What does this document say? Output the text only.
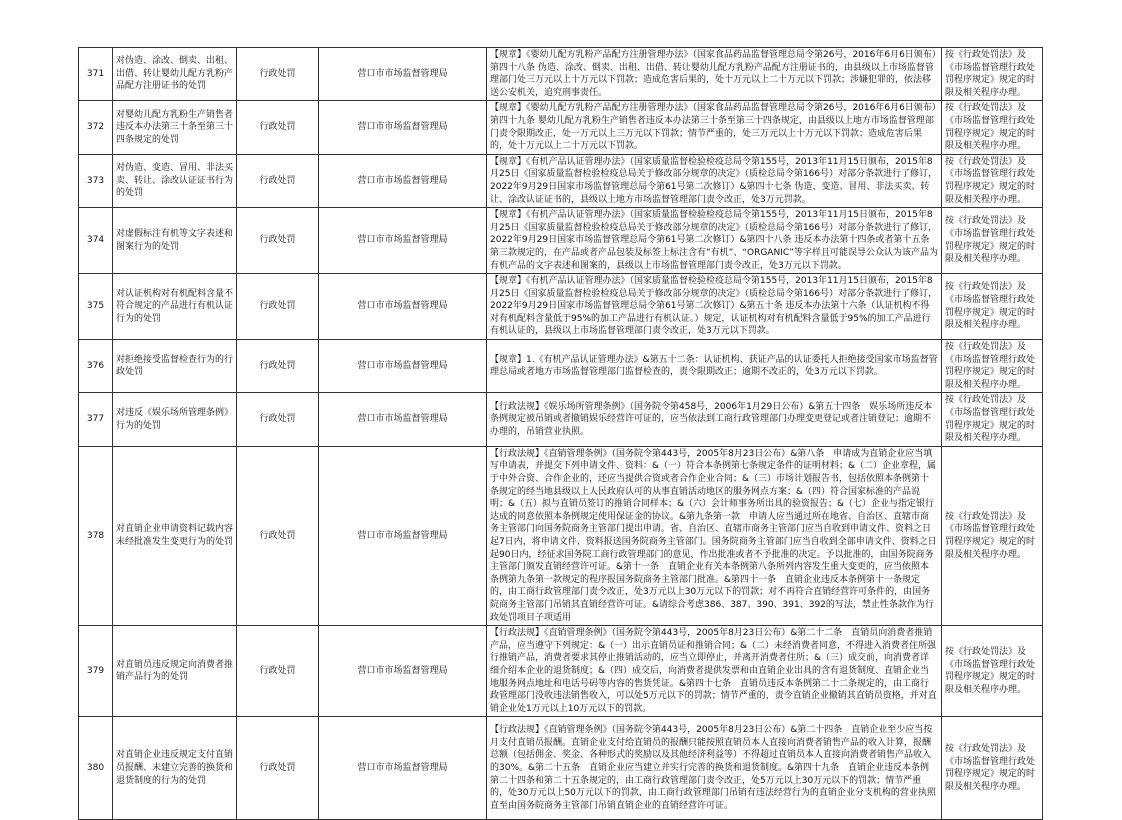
371	对伪造、涂改、倒卖、出租、出借、转让婴幼儿配方乳粉产品配方注册证书的处罚	行政处罚	营口市市场监督管理局	【规章】《婴幼儿配方乳粉产品配方注册管理办法》（国家食品药品监督管理总局令第26号，2016年6月6日颁布）第四十八条 伪造、涂改、倒卖、出租、出借、转让婴幼儿配方乳粉产品配方注册证书的，由县级以上市场监督管理部门处三万元以上十万元以下罚款；造成危害后果的，处十万元以上二十万元以下罚款；涉嫌犯罪的，依法移送公安机关，追究刑事责任。	按《行政处罚法》及《市场监督管理行政处罚程序规定》规定的时限及相关程序办理。
372	对婴幼儿配方乳粉生产销售者违反本办法第三十条至第三十四条规定的处罚	行政处罚	营口市市场监督管理局	【规章】《婴幼儿配方乳粉产品配方注册管理办法》（国家食品药品监督管理总局令第26号，2016年6月6日颁布）第四十九条 婴幼儿配方乳粉生产销售者违反本办法第三十条至第三十四条规定，由县级以上地方市场监督管理部门责令限期改正，处一万元以上三万元以下罚款；情节严重的，处三万元以上十万元以下罚款；造成危害后果的，处十万元以上二十万元以下罚款。	按《行政处罚法》及《市场监督管理行政处罚程序规定》规定的时限及相关程序办理。
373	对伪造、变造、冒用、非法买卖、转让、涂改认证证书行为的处罚	行政处罚	营口市市场监督管理局	【规章】《有机产品认证管理办法》（国家质量监督检验检疫总局令第155号，2013年11月15日颁布，2015年8月25日《国家质量监督检验检疫总局关于修改部分规章的决定》（质检总局令第166号）对部分条款进行了修订，2022年9月29日国家市场监督管理总局令第61号第二次修订）&第四十七条 伪造、变造、冒用、非法买卖、转让、涂改认证证书的，县级以上地方市场监督管理部门责令改正，处3万元罚款。	按《行政处罚法》及《市场监督管理行政处罚程序规定》规定的时限及相关程序办理。
374	对虚假标注有机等文字表述和图案行为的处罚	行政处罚	营口市市场监督管理局	【规章】《有机产品认证管理办法》（国家质量监督检验检疫总局令第155号，2013年11月15日颁布，2015年8月25日《国家质量监督检验检疫总局关于修改部分规章的决定》（质检总局令第166号）对部分条款进行了修订，2022年9月29日国家市场监督管理总局令第61号第二次修订）&第四十八条 违反本办法第十四条或者第十五条第三款规定的，在产品或者产品包装及标签上标注含有“有机”、“ORGANIC”等字样且可能误导公众认为该产品为有机产品的文字表述和图案的，县级以上市场监督管理部门责令改正，处3万元以下罚款。	按《行政处罚法》及《市场监督管理行政处罚程序规定》规定的时限及相关程序办理。
375	对认证机构对有机配料含量不符合规定的产品进行有机认证行为的处罚	行政处罚	营口市市场监督管理局	【规章】《有机产品认证管理办法》（国家质量监督检验检疫总局令第155号，2013年11月15日颁布，2015年8月25日《国家质量监督检验检疫总局关于修改部分规章的决定》（质检总局令第166号）对部分条款进行了修订，2022年9月29日国家市场监督管理总局令第61号第二次修订）&第五十条 违反本办法第十六条（认证机构不得对有机配料含量低于95%的加工产品进行有机认证。）规定，认证机构对有机配料含量低于95%的加工产品进行有机认证的，县级以上市场监督管理部门责令改正，处3万元以下罚款。	按《行政处罚法》及《市场监督管理行政处罚程序规定》规定的时限及相关程序办理。
376	对拒绝接受监督检查行为的行政处罚	行政处罚	营口市市场监督管理局	【规章】1.《有机产品认证管理办法》&第五十二条：认证机构、获证产品的认证委托人拒绝接受国家市场监督管理总局或者地方市场监督管理部门监督检查的，责令限期改正；逾期不改正的，处3万元以下罚款。	按《行政处罚法》及《市场监督管理行政处罚程序规定》规定的时限及相关程序办理。
377	对违反《娱乐场所管理条例》行为的处罚	行政处罚	营口市市场监督管理局	【行政法规】《娱乐场所管理条例》（国务院令第458号，2006年1月29日公布）&第五十四条　娱乐场所违反本条例规定被吊销或者撤销娱乐经营许可证的，应当依法到工商行政管理部门办理变更登记或者注销登记；逾期不办理的，吊销营业执照。	按《行政处罚法》及《市场监督管理行政处罚程序规定》规定的时限及相关程序办理。
378	对直销企业申请资料记载内容未经批准发生变更行为的处罚	行政处罚	营口市市场监督管理局	【行政法规】《直销管理条例》（国务院令第443号，2005年8月23日公布）&第八条　申请成为直销企业应当填写申请表，并提交下列申请文件、资料：&（一）符合本条例第七条规定条件的证明材料；&（二）企业章程，属于中外合资、合作企业的，还应当提供合资或者合作企业合同；&（三）市场计划报告书，包括依照本条例第十条规定的经当地县级以上人民政府认可的从事直销活动地区的服务网点方案；&（四）符合国家标准的产品说明；&（五）拟与直销员签订的推销合同样本；&（六）会计师事务所出具的验资报告；&（七）企业与指定银行达成的同意依照本条例规定使用保证金的协议。&第九条第一款　申请人应当通过所在地省、自治区、直辖市商务主管部门向国务院商务主管部门提出申请。省、自治区、直辖市商务主管部门应当自收到申请文件、资料之日起7日内，将申请文件、资料报送国务院商务主管部门。国务院商务主管部门应当自收到全部申请文件、资料之日起90日内，经征求国务院工商行政管理部门的意见，作出批准或者不予批准的决定。予以批准的，由国务院商务主管部门颁发直销经营许可证。&第十一条　直销企业有关本条例第八条所列内容发生重大变更的，应当依照本条例第九条第一款规定的程序报国务院商务主管部门批准。&第四十一条　直销企业违反本条例第十一条规定的，由工商行政管理部门责令改正，处3万元以上30万元以下的罚款；对不再符合直销经营许可条件的，由国务院商务主管部门吊销其直销经营许可证。&请综合考虑386、387、390、391、392的写法，禁止性条款作为行政处罚项目子项适用	按《行政处罚法》及《市场监督管理行政处罚程序规定》规定的时限及相关程序办理。
379	对直销员违反规定向消费者推销产品行为的处罚	行政处罚	营口市市场监督管理局	【行政法规】《直销管理条例》（国务院令第443号，2005年8月23日公布）&第二十二条　直销员向消费者推销产品，应当遵守下列规定：&（一）出示直销员证和推销合同；&（二）未经消费者同意，不得进入消费者住所强行推销产品，消费者要求其停止推销活动的，应当立即停止，并离开消费者住所；&（三）成交前，向消费者详细介绍本企业的退货制度；&（四）成交后，向消费者提供发票和由直销企业出具的含有退货制度、直销企业当地服务网点地址和电话号码等内容的售货凭证。&第四十七条　直销员违反本条例第二十二条规定的，由工商行政管理部门没收违法销售收入，可以处5万元以下的罚款；情节严重的，责令直销企业撤销其直销员资格，并对直销企业处1万元以上10万元以下的罚款。	按《行政处罚法》及《市场监督管理行政处罚程序规定》规定的时限及相关程序办理。
380	对直销企业违反规定支付直销员报酬、未建立完善的换货和退货制度的行为的处罚	行政处罚	营口市市场监督管理局	【行政法规】《直销管理条例》（国务院令第443号，2005年8月23日公布）&第二十四条　直销企业至少应当按月支付直销员报酬。直销企业支付给直销员的报酬只能按照直销员本人直接向消费者销售产品的收入计算，报酬总额（包括佣金、奖金、各种形式的奖励以及其他经济利益等）不得超过直销员本人直接向消费者销售产品收入的30%。&第二十五条　直销企业应当建立并实行完善的换货和退货制度。&第四十九条　直销企业违反本条例第二十四条和第二十五条规定的，由工商行政管理部门责令改正，处5万元以上30万元以下的罚款；情节严重的，处30万元以上50万元以下的罚款，由工商行政管理部门吊销有违法经营行为的直销企业分支机构的营业执照直至由国务院商务主管部门吊销直销企业的直销经营许可证。	按《行政处罚法》及《市场监督管理行政处罚程序规定》规定的时限及相关程序办理。
